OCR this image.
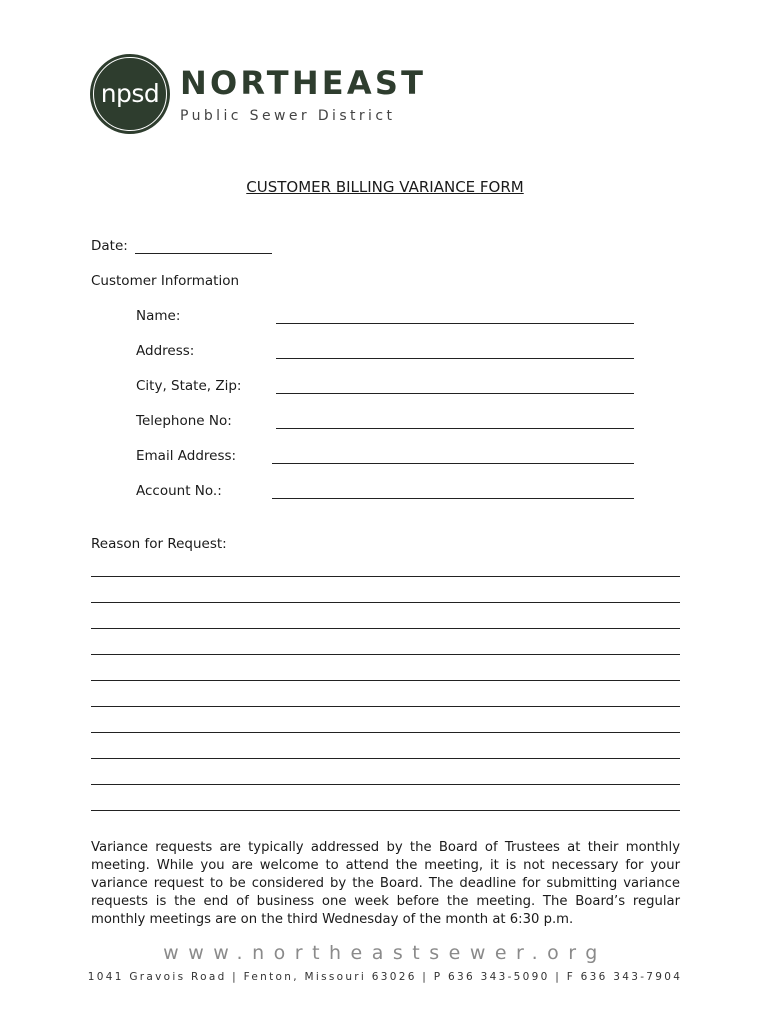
npsd NORTHEAST
Public Sewer District
CUSTOMER BILLING VARIANCE FORM
Date:
Customer Information
Name:
Address:
City, State, Zip:
Telephone No:
Email Address:
Account No.:
Reason for Request:
Variance requests are typically addressed by the Board of Trustees at their monthly meeting. While you are welcome to attend the meeting, it is not necessary for your variance request to be considered by the Board. The deadline for submitting variance requests is the end of business one week before the meeting. The Board’s regular monthly meetings are on the third Wednesday of the month at 6:30 p.m.
www.northeastsewer.org
1041 Gravois Road | Fenton, Missouri 63026 | P 636 343-5090 | F 636 343-7904
